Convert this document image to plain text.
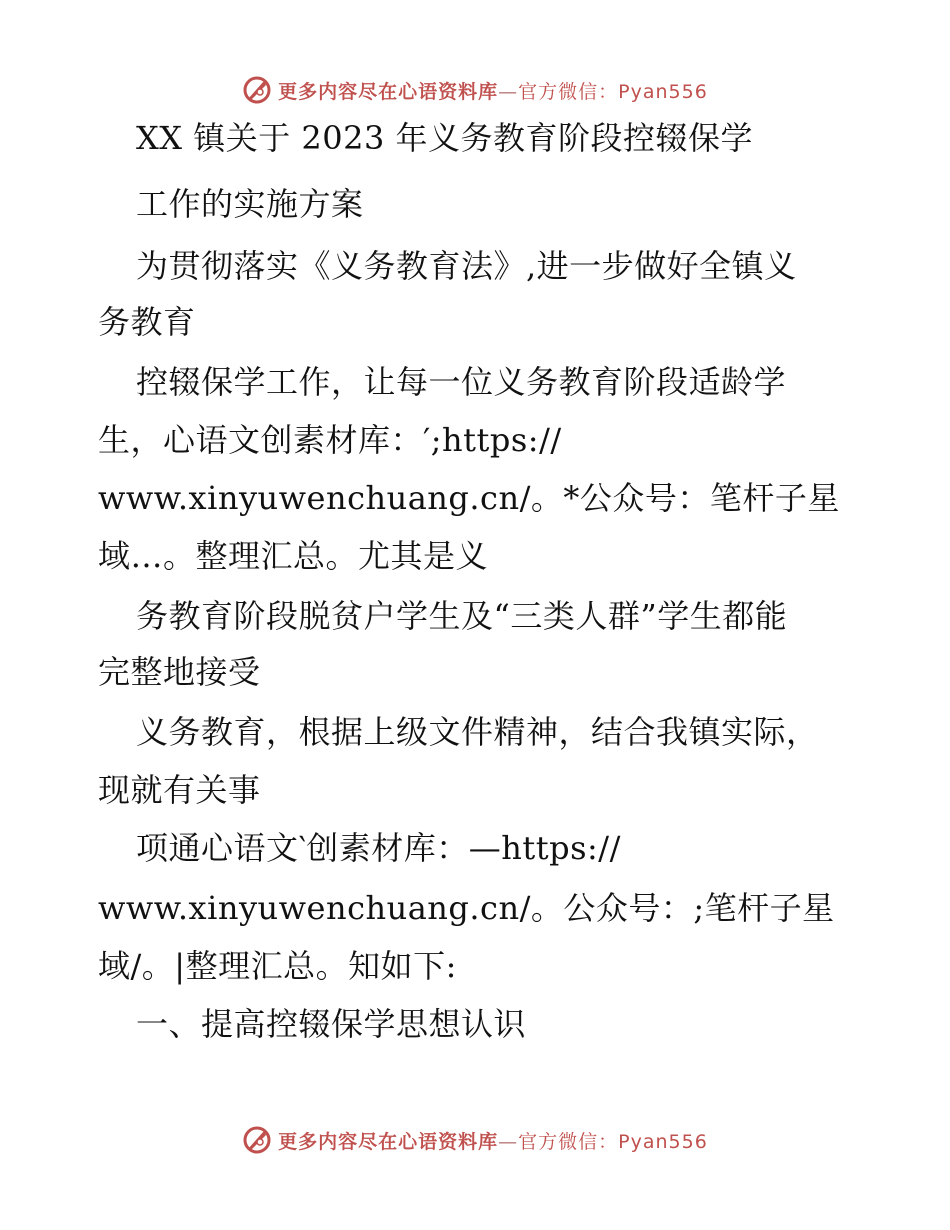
更多内容尽在心语资料库—官方微信：Pyan556
XX 镇关于 2023 年义务教育阶段控辍保学
工作的实施方案
为贯彻落实《义务教育法》,进一步做好全镇义
务教育
控辍保学工作，让每一位义务教育阶段适龄学
生，心语文创素材库：′;https://
www.xinyuwenchuang.cn/。*公众号：笔杆子星
域…。整理汇总。尤其是义
务教育阶段脱贫户学生及“三类人群”学生都能
完整地接受
义务教育，根据上级文件精神，结合我镇实际，
现就有关事
项通心语文‵创素材库：—https://
www.xinyuwenchuang.cn/。公众号：;笔杆子星
域/。|整理汇总。知如下:
一、提高控辍保学思想认识
更多内容尽在心语资料库—官方微信：Pyan556
